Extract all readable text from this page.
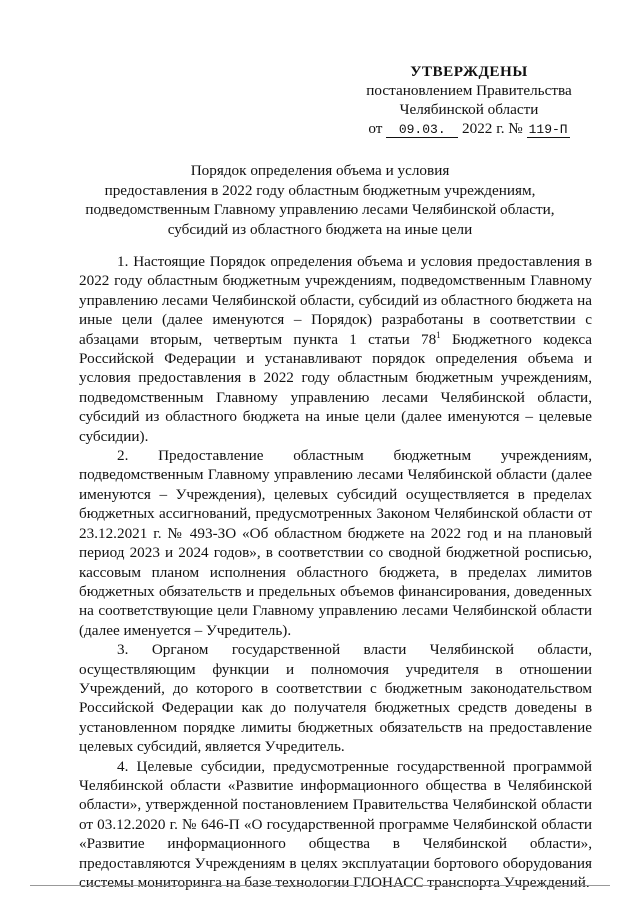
УТВЕРЖДЕНЫ
постановлением Правительства
Челябинской области
от 09.03. 2022 г. № 119-П
Порядок определения объема и условия
предоставления в 2022 году областным бюджетным учреждениям,
подведомственным Главному управлению лесами Челябинской области,
субсидий из областного бюджета на иные цели

1. Настоящие Порядок определения объема и условия предоставления в 2022 году областным бюджетным учреждениям, подведомственным Главному управлению лесами Челябинской области, субсидий из областного бюджета на иные цели (далее именуются – Порядок) разработаны в соответствии с абзацами вторым, четвертым пункта 1 статьи $78^1$ Бюджетного кодекса Российской Федерации и устанавливают порядок определения объема и условия предоставления в 2022 году областным бюджетным учреждениям, подведомственным Главному управлению лесами Челябинской области, субсидий из областного бюджета на иные цели (далее именуются – целевые субсидии).

2. Предоставление областным бюджетным учреждениям, подведомственным Главному управлению лесами Челябинской области (далее именуются – Учреждения), целевых субсидий осуществляется в пределах бюджетных ассигнований, предусмотренных Законом Челябинской области от 23.12.2021 г. № 493-ЗО «Об областном бюджете на 2022 год и на плановый период 2023 и 2024 годов», в соответствии со сводной бюджетной росписью, кассовым планом исполнения областного бюджета, в пределах лимитов бюджетных обязательств и предельных объемов финансирования, доведенных на соответствующие цели Главному управлению лесами Челябинской области (далее именуется – Учредитель).

3. Органом государственной власти Челябинской области, осуществляющим функции и полномочия учредителя в отношении Учреждений, до которого в соответствии с бюджетным законодательством Российской Федерации как до получателя бюджетных средств доведены в установленном порядке лимиты бюджетных обязательств на предоставление целевых субсидий, является Учредитель.

4. Целевые субсидии, предусмотренные государственной программой Челябинской области «Развитие информационного общества в Челябинской области», утвержденной постановлением Правительства Челябинской области от 03.12.2020 г. № 646-П «О государственной программе Челябинской области «Развитие информационного общества в Челябинской области», предоставляются Учреждениям в целях эксплуатации бортового оборудования системы мониторинга на базе технологии ГЛОНАСС транспорта Учреждений.
